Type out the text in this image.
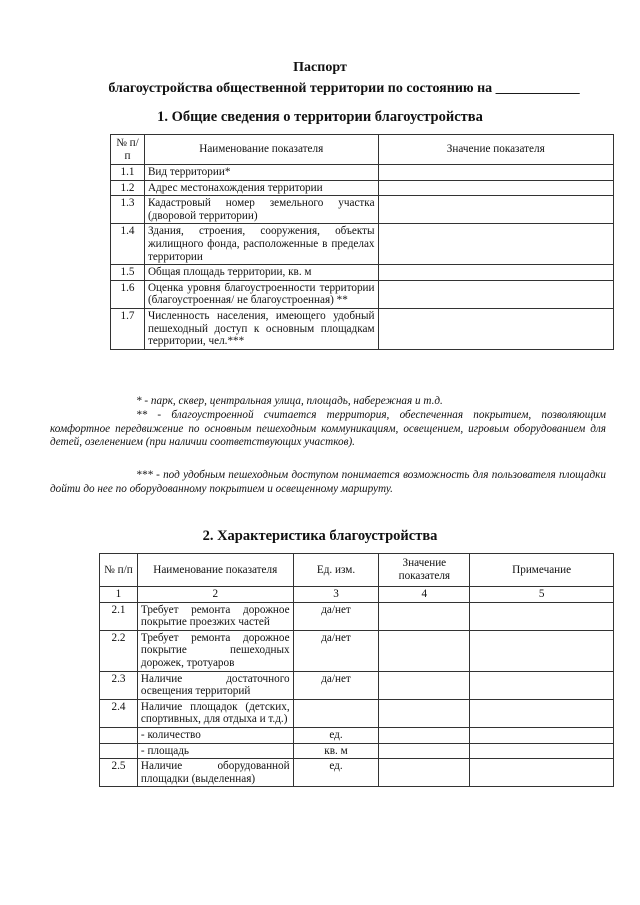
Паспорт
благоустройства общественной территории по состоянию на ____________
1. Общие сведения о территории благоустройства
№ п/п	Наименование показателя	Значение показателя
1.1	Вид территории*	
1.2	Адрес местонахождения территории	
1.3	Кадастровый номер земельного участка (дворовой территории)	
1.4	Здания, строения, сооружения, объекты жилищного фонда, расположенные в пределах территории	
1.5	Общая площадь территории, кв. м	
1.6	Оценка уровня благоустроенности территории (благоустроенная/ не благоустроенная) **	
1.7	Численность населения, имеющего удобный пешеходный доступ к основным площадкам территории, чел.***	
* - парк, сквер, центральная улица, площадь, набережная и т.д.
** - благоустроенной считается территория, обеспеченная покрытием, позволяющим комфортное передвижение по основным пешеходным коммуникациям, освещением, игровым оборудованием для детей, озеленением (при наличии соответствующих участков).
*** - под удобным пешеходным доступом понимается возможность для пользователя площадки дойти до нее по оборудованному покрытием и освещенному маршруту.
2. Характеристика благоустройства
№ п/п	Наименование показателя	Ед. изм.	Значение показателя	Примечание
1	2	3	4	5
2.1	Требует ремонта дорожное покрытие проезжих частей	да/нет		
2.2	Требует ремонта дорожное покрытие пешеходных дорожек, тротуаров	да/нет		
2.3	Наличие достаточного освещения территорий	да/нет		
2.4	Наличие площадок (детских, спортивных, для отдыха и т.д.)			
	- количество	ед.		
	- площадь	кв. м		
2.5	Наличие оборудованной площадки (выделенная)	ед.		
